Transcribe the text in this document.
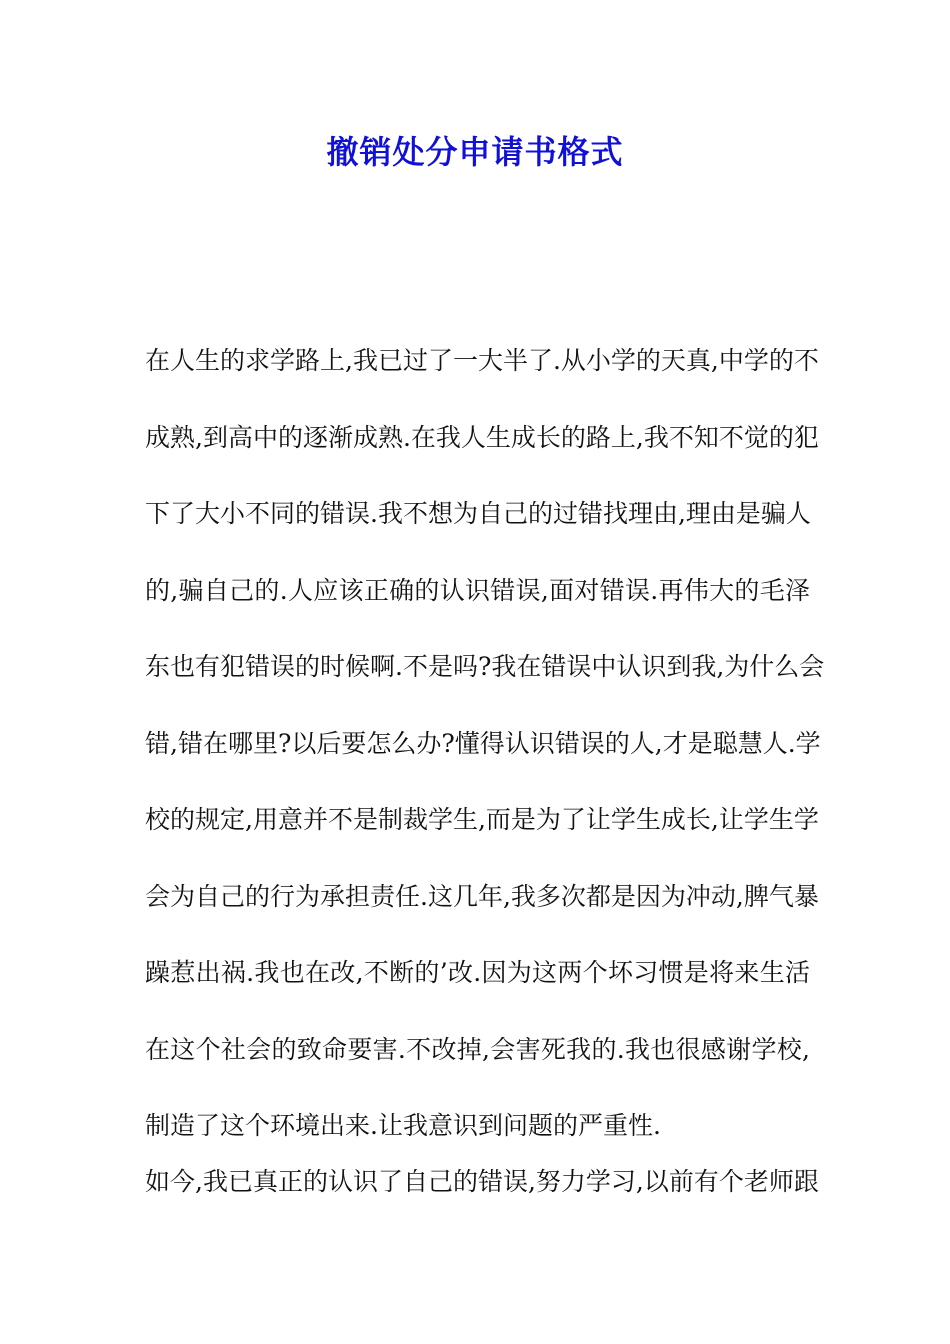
撤销处分申请书格式
在人生的求学路上,我已过了一大半了.从小学的天真,中学的不
成熟,到高中的逐渐成熟.在我人生成长的路上,我不知不觉的犯
下了大小不同的错误.我不想为自己的过错找理由,理由是骗人
的,骗自己的.人应该正确的认识错误,面对错误.再伟大的毛泽
东也有犯错误的时候啊.不是吗?我在错误中认识到我,为什么会
错,错在哪里?以后要怎么办?懂得认识错误的人,才是聪慧人.学
校的规定,用意并不是制裁学生,而是为了让学生成长,让学生学
会为自己的行为承担责任.这几年,我多次都是因为冲动,脾气暴
躁惹出祸.我也在改,不断的’改.因为这两个坏习惯是将来生活
在这个社会的致命要害.不改掉,会害死我的.我也很感谢学校,
制造了这个环境出来.让我意识到问题的严重性.
如今,我已真正的认识了自己的错误,努力学习,以前有个老师跟
